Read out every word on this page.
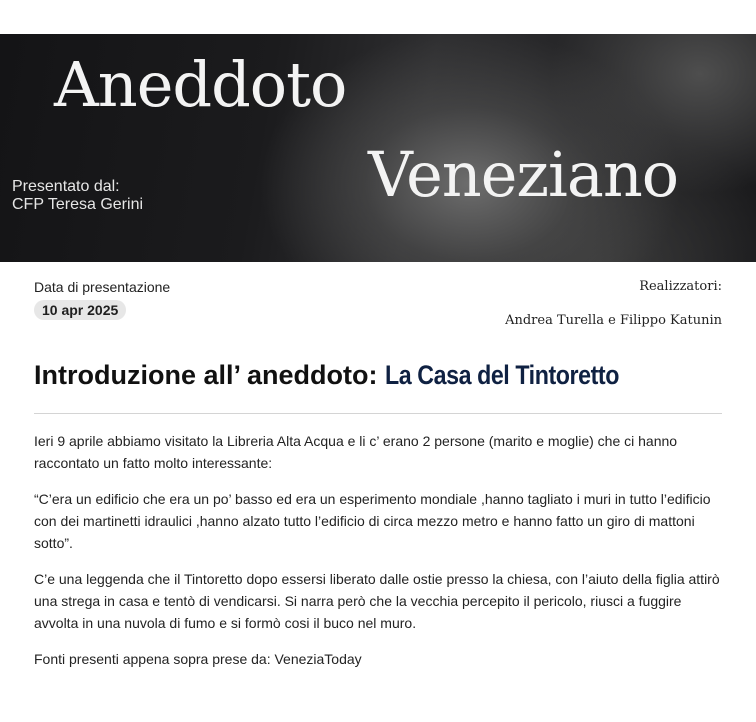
Aneddoto
Veneziano
Presentato dal:
CFP Teresa Gerini
Data di presentazione
10 apr 2025
Realizzatori:
Andrea Turella e Filippo Katunin
Introduzione all’ aneddoto: La Casa del Tintoretto

Ieri 9 aprile abbiamo visitato la Libreria Alta Acqua e li c’ erano 2 persone (marito e moglie) che ci hanno raccontato un fatto molto interessante:

“C’era un edificio che era un po’ basso ed era un esperimento mondiale ,hanno tagliato i muri in tutto l’edificio con dei martinetti idraulici ,hanno alzato tutto l’edificio di circa mezzo metro e hanno fatto un giro di mattoni sotto”.

C’e una leggenda che il Tintoretto dopo essersi liberato dalle ostie presso la chiesa, con l’aiuto della figlia attirò una strega in casa e tentò di vendicarsi. Si narra però che la vecchia percepito il pericolo, riusci a fuggire avvolta in una nuvola di fumo e si formò cosi il buco nel muro.

Fonti presenti appena sopra prese da: VeneziaToday
